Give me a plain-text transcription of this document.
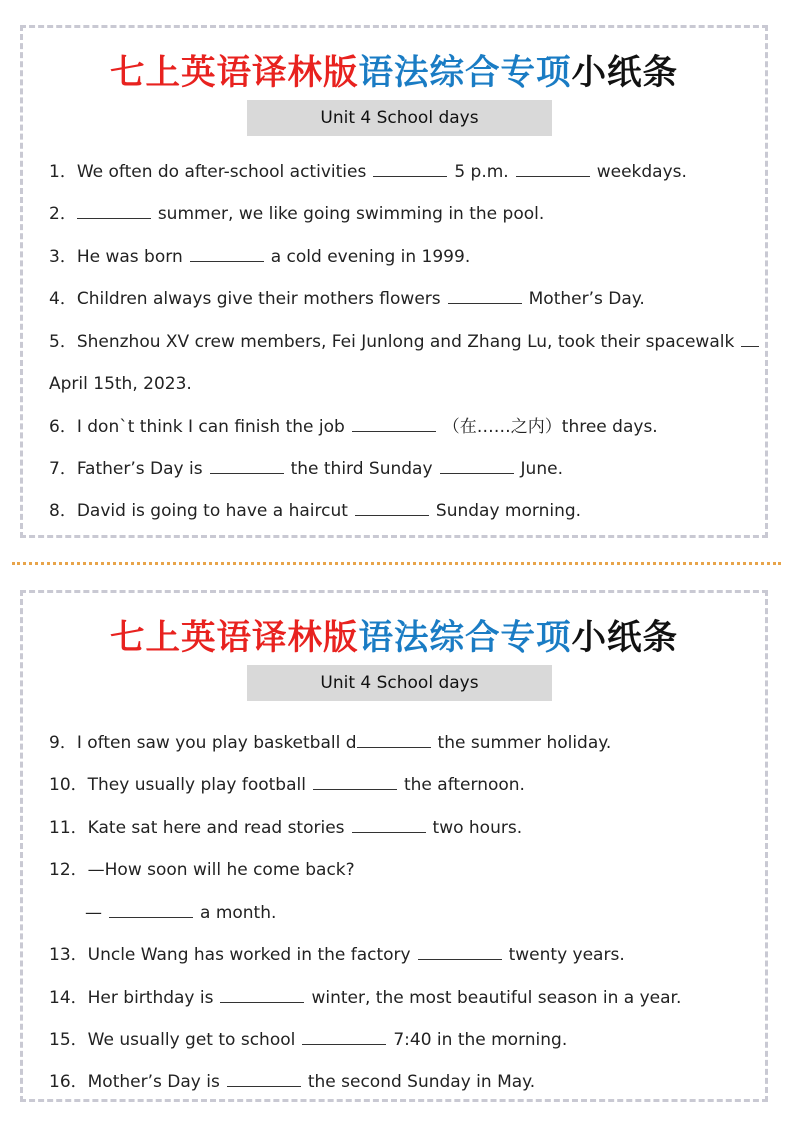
七上英语译林版语法综合专项小纸条
Unit 4 School days
1．We often do after-school activities	5 p.m.	weekdays.
2．	summer, we like going swimming in the pool.
3．He was born	a cold evening in 1999.
4．Children always give their mothers flowers	Mother’s Day.
5．Shenzhou XV crew members, Fei Junlong and Zhang Lu, took their spacewalk
April 15th, 2023.
6．I don`t think I can finish the job	（在……之内）three days.
7．Father’s Day is	the third Sunday	June.
8．David is going to have a haircut	Sunday morning.
七上英语译林版语法综合专项小纸条
Unit 4 School days
9．I often saw you play basketball d	the summer holiday.
10．They usually play football	the afternoon.
11．Kate sat here and read stories	two hours.
12．—How soon will he come back?
—	a month.
13．Uncle Wang has worked in the factory	twenty years.
14．Her birthday is	winter, the most beautiful season in a year.
15．We usually get to school	7:40 in the morning.
16．Mother’s Day is	the second Sunday in May.
